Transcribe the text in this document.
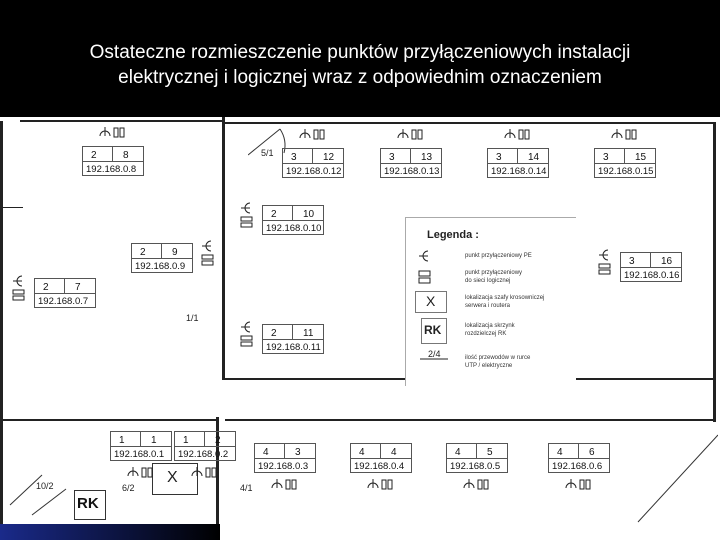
Ostateczne rozmieszczenie punktów przyłączeniowych instalacji
elektrycznej i logicznej wraz z odpowiednim oznaczeniem
Legenda :
punkt przyłączeniowy PE
punkt przyłączeniowy
do sieci logicznej
X	lokalizacja szafy krosowniczej
serwera i routera
RK	lokalizacja skrzynk
rozdzielczej RK
2/4	ilość przewodów w rurce
UTP / elektryczne
5/1
1/1
10/2	6/2	4/1
RK
X
2	8
192.168.0.8
3	12
192.168.0.12
3	13
192.168.0.13
3	14
192.168.0.14
3	15
192.168.0.15
2	10
192.168.0.10
2	9
192.168.0.9
2	7
192.168.0.7
2	11
192.168.0.11
3	16
192.168.0.16
1	1
192.168.0.1
1	2
192.168.0.2	4	3
192.168.0.3
4	4
192.168.0.4
4	5
192.168.0.5
4	6
192.168.0.6
